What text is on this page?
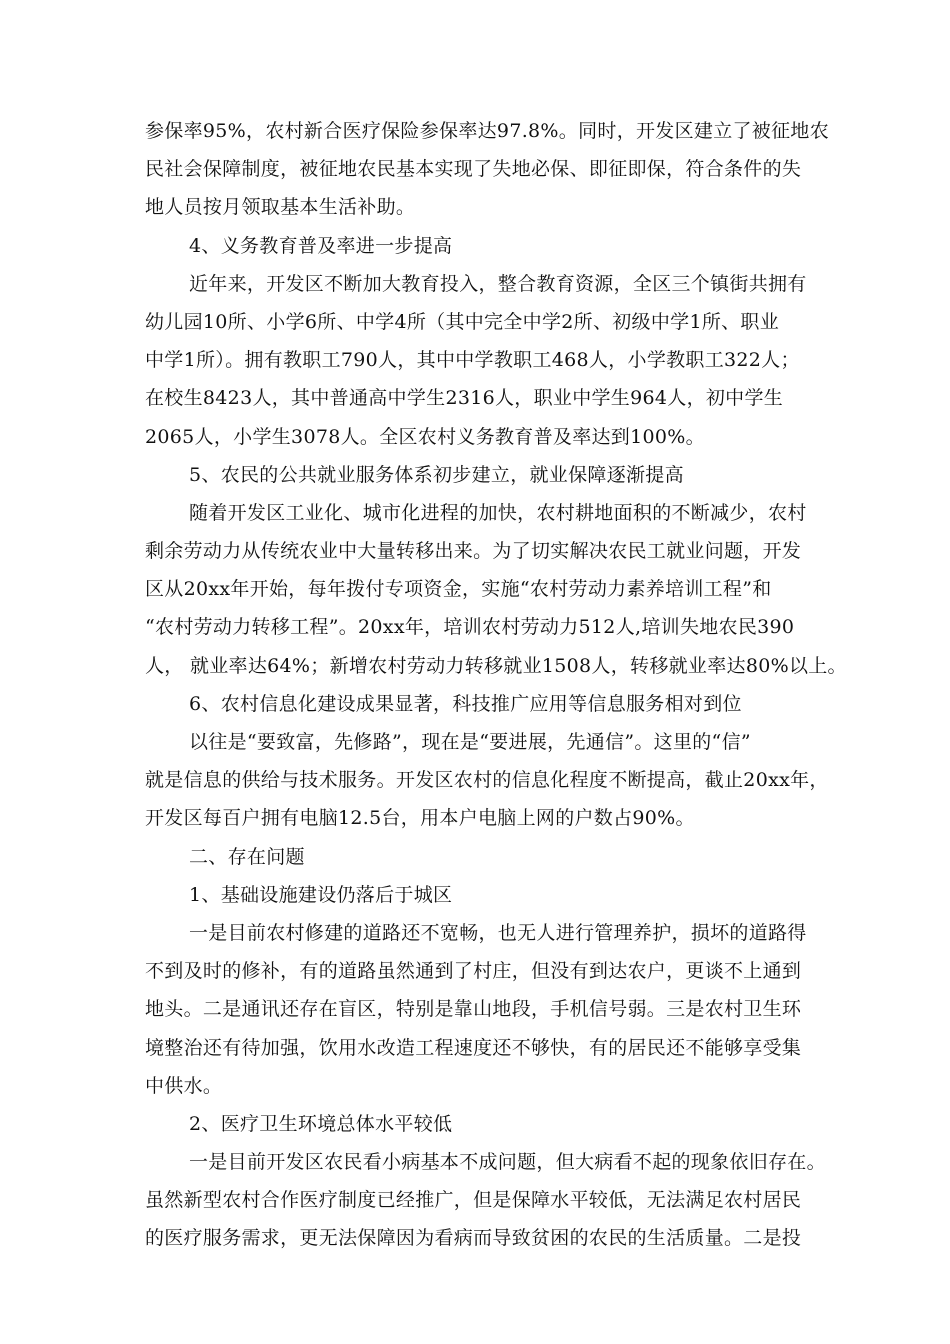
参保率95%，农村新合医疗保险参保率达97.8%。同时，开发区建立了被征地农
民社会保障制度，被征地农民基本实现了失地必保、即征即保，符合条件的失
地人员按月领取基本生活补助。
4、义务教育普及率进一步提高
近年来，开发区不断加大教育投入，整合教育资源，全区三个镇街共拥有
幼儿园10所、小学6所、中学4所（其中完全中学2所、初级中学1所、职业
中学1所）。拥有教职工790人，其中中学教职工468人，小学教职工322人；
在校生8423人，其中普通高中学生2316人，职业中学生964人，初中学生
2065人，小学生3078人。全区农村义务教育普及率达到100%。
5、农民的公共就业服务体系初步建立，就业保障逐渐提高
随着开发区工业化、城市化进程的加快，农村耕地面积的不断减少，农村
剩余劳动力从传统农业中大量转移出来。为了切实解决农民工就业问题，开发
区从20xx年开始，每年拨付专项资金，实施“农村劳动力素养培训工程”和
“农村劳动力转移工程”。20xx年，培训农村劳动力512人,培训失地农民390
人， 就业率达64%；新增农村劳动力转移就业1508人，转移就业率达80%以上。
6、农村信息化建设成果显著，科技推广应用等信息服务相对到位
以往是“要致富，先修路”，现在是“要进展，先通信”。这里的“信”
就是信息的供给与技术服务。开发区农村的信息化程度不断提高，截止20xx年，
开发区每百户拥有电脑12.5台，用本户电脑上网的户数占90%。
二、存在问题
1、基础设施建设仍落后于城区
一是目前农村修建的道路还不宽畅，也无人进行管理养护，损坏的道路得
不到及时的修补，有的道路虽然通到了村庄，但没有到达农户，更谈不上通到
地头。二是通讯还存在盲区，特别是靠山地段，手机信号弱。三是农村卫生环
境整治还有待加强，饮用水改造工程速度还不够快，有的居民还不能够享受集
中供水。
2、医疗卫生环境总体水平较低
一是目前开发区农民看小病基本不成问题，但大病看不起的现象依旧存在。
虽然新型农村合作医疗制度已经推广，但是保障水平较低，无法满足农村居民
的医疗服务需求，更无法保障因为看病而导致贫困的农民的生活质量。二是投
